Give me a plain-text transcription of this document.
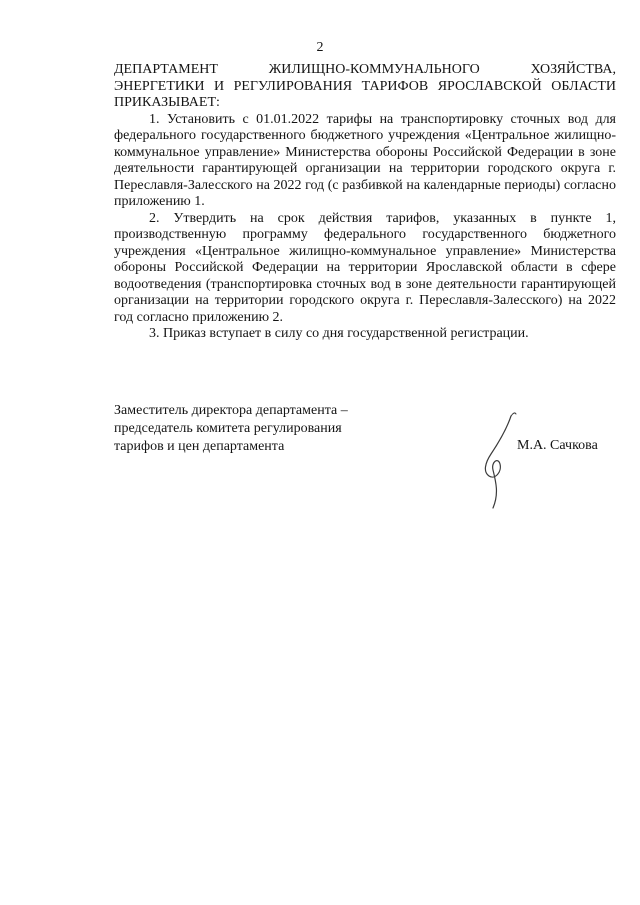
2

ДЕПАРТАМЕНТ ЖИЛИЩНО-КОММУНАЛЬНОГО ХОЗЯЙСТВА, ЭНЕРГЕТИКИ И РЕГУЛИРОВАНИЯ ТАРИФОВ ЯРОСЛАВСКОЙ ОБЛАСТИ ПРИКАЗЫВАЕТ:

1. Установить с 01.01.2022 тарифы на транспортировку сточных вод для федерального государственного бюджетного учреждения «Центральное жилищно-коммунальное управление» Министерства обороны Российской Федерации в зоне деятельности гарантирующей организации на территории городского округа г. Переславля-Залесского на 2022 год (с разбивкой на календарные периоды) согласно приложению 1.

2. Утвердить на срок действия тарифов, указанных в пункте 1, производственную программу федерального государственного бюджетного учреждения «Центральное жилищно-коммунальное управление» Министерства обороны Российской Федерации на территории Ярославской области в сфере водоотведения (транспортировка сточных вод в зоне деятельности гарантирующей организации на территории городского округа г. Переславля-Залесского) на 2022 год согласно приложению 2.

3. Приказ вступает в силу со дня государственной регистрации.

Заместитель директора департамента –
председатель комитета регулирования
тарифов и цен департамента	М.А. Сачкова
